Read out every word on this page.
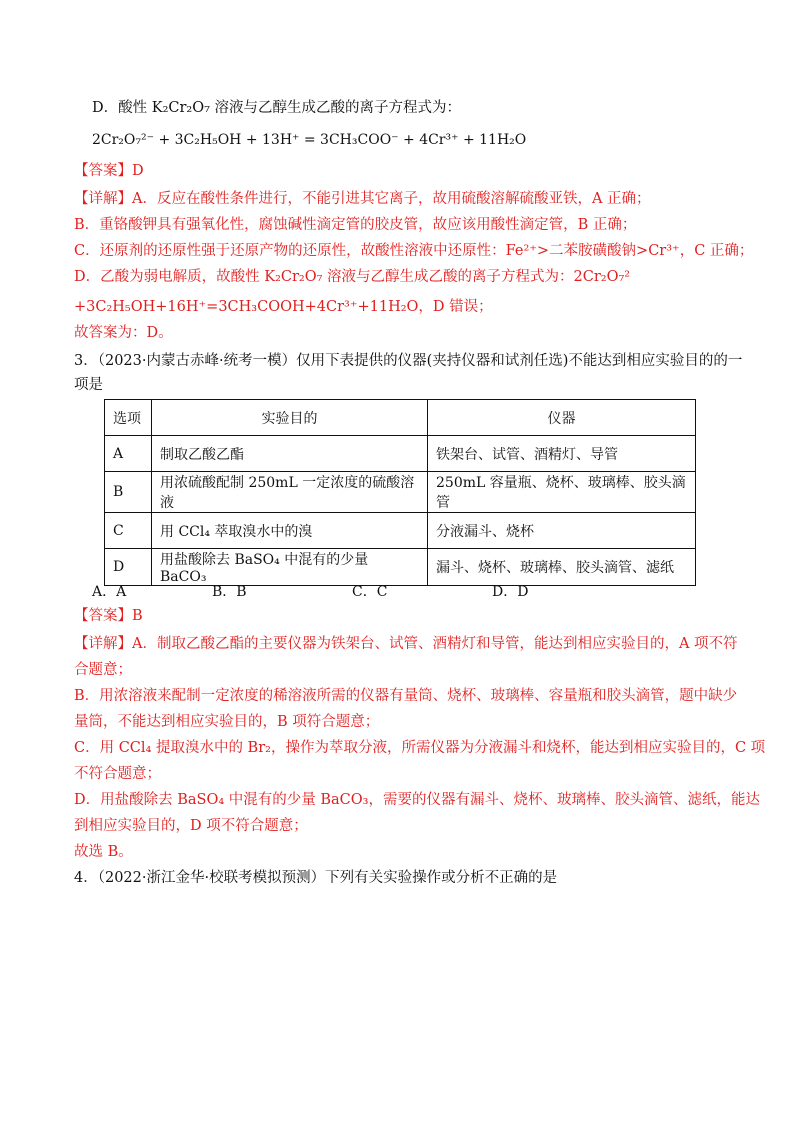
D．酸性 K₂Cr₂O₇ 溶液与乙醇生成乙酸的离子方程式为：
2Cr₂O₇²⁻ + 3C₂H₅OH + 13H⁺ = 3CH₃COO⁻ + 4Cr³⁺ + 11H₂O
【答案】D
【详解】A．反应在酸性条件进行，不能引进其它离子，故用硫酸溶解硫酸亚铁，A 正确；
B．重铬酸钾具有强氧化性，腐蚀碱性滴定管的胶皮管，故应该用酸性滴定管，B 正确；
C．还原剂的还原性强于还原产物的还原性，故酸性溶液中还原性：Fe²⁺>二苯胺磺酸钠>Cr³⁺，C 正确；
D．乙酸为弱电解质，故酸性 K₂Cr₂O₇ 溶液与乙醇生成乙酸的离子方程式为：2Cr₂O₇²
+3C₂H₅OH+16H⁺=3CH₃COOH+4Cr³⁺+11H₂O，D 错误；
故答案为：D。
3．（2023·内蒙古赤峰·统考一模）仅用下表提供的仪器(夹持仪器和试剂任选)不能达到相应实验目的的一
项是
选项	实验目的	仪器
A	制取乙酸乙酯	铁架台、试管、酒精灯、导管
B	用浓硫酸配制 250mL 一定浓度的硫酸溶液	250mL 容量瓶、烧杯、玻璃棒、胶头滴管
C	用 CCl₄ 萃取溴水中的溴	分液漏斗、烧杯
D	用盐酸除去 BaSO₄ 中混有的少量 BaCO₃	漏斗、烧杯、玻璃棒、胶头滴管、滤纸
A．A	B．B	C．C	D．D
【答案】B
【详解】A．制取乙酸乙酯的主要仪器为铁架台、试管、酒精灯和导管，能达到相应实验目的，A 项不符
合题意；
B．用浓溶液来配制一定浓度的稀溶液所需的仪器有量筒、烧杯、玻璃棒、容量瓶和胶头滴管，题中缺少
量筒，不能达到相应实验目的，B 项符合题意；
C．用 CCl₄ 提取溴水中的 Br₂，操作为萃取分液，所需仪器为分液漏斗和烧杯，能达到相应实验目的，C 项
不符合题意；
D．用盐酸除去 BaSO₄ 中混有的少量 BaCO₃，需要的仪器有漏斗、烧杯、玻璃棒、胶头滴管、滤纸，能达
到相应实验目的，D 项不符合题意；
故选 B。
4．（2022·浙江金华·校联考模拟预测）下列有关实验操作或分析不正确的是
